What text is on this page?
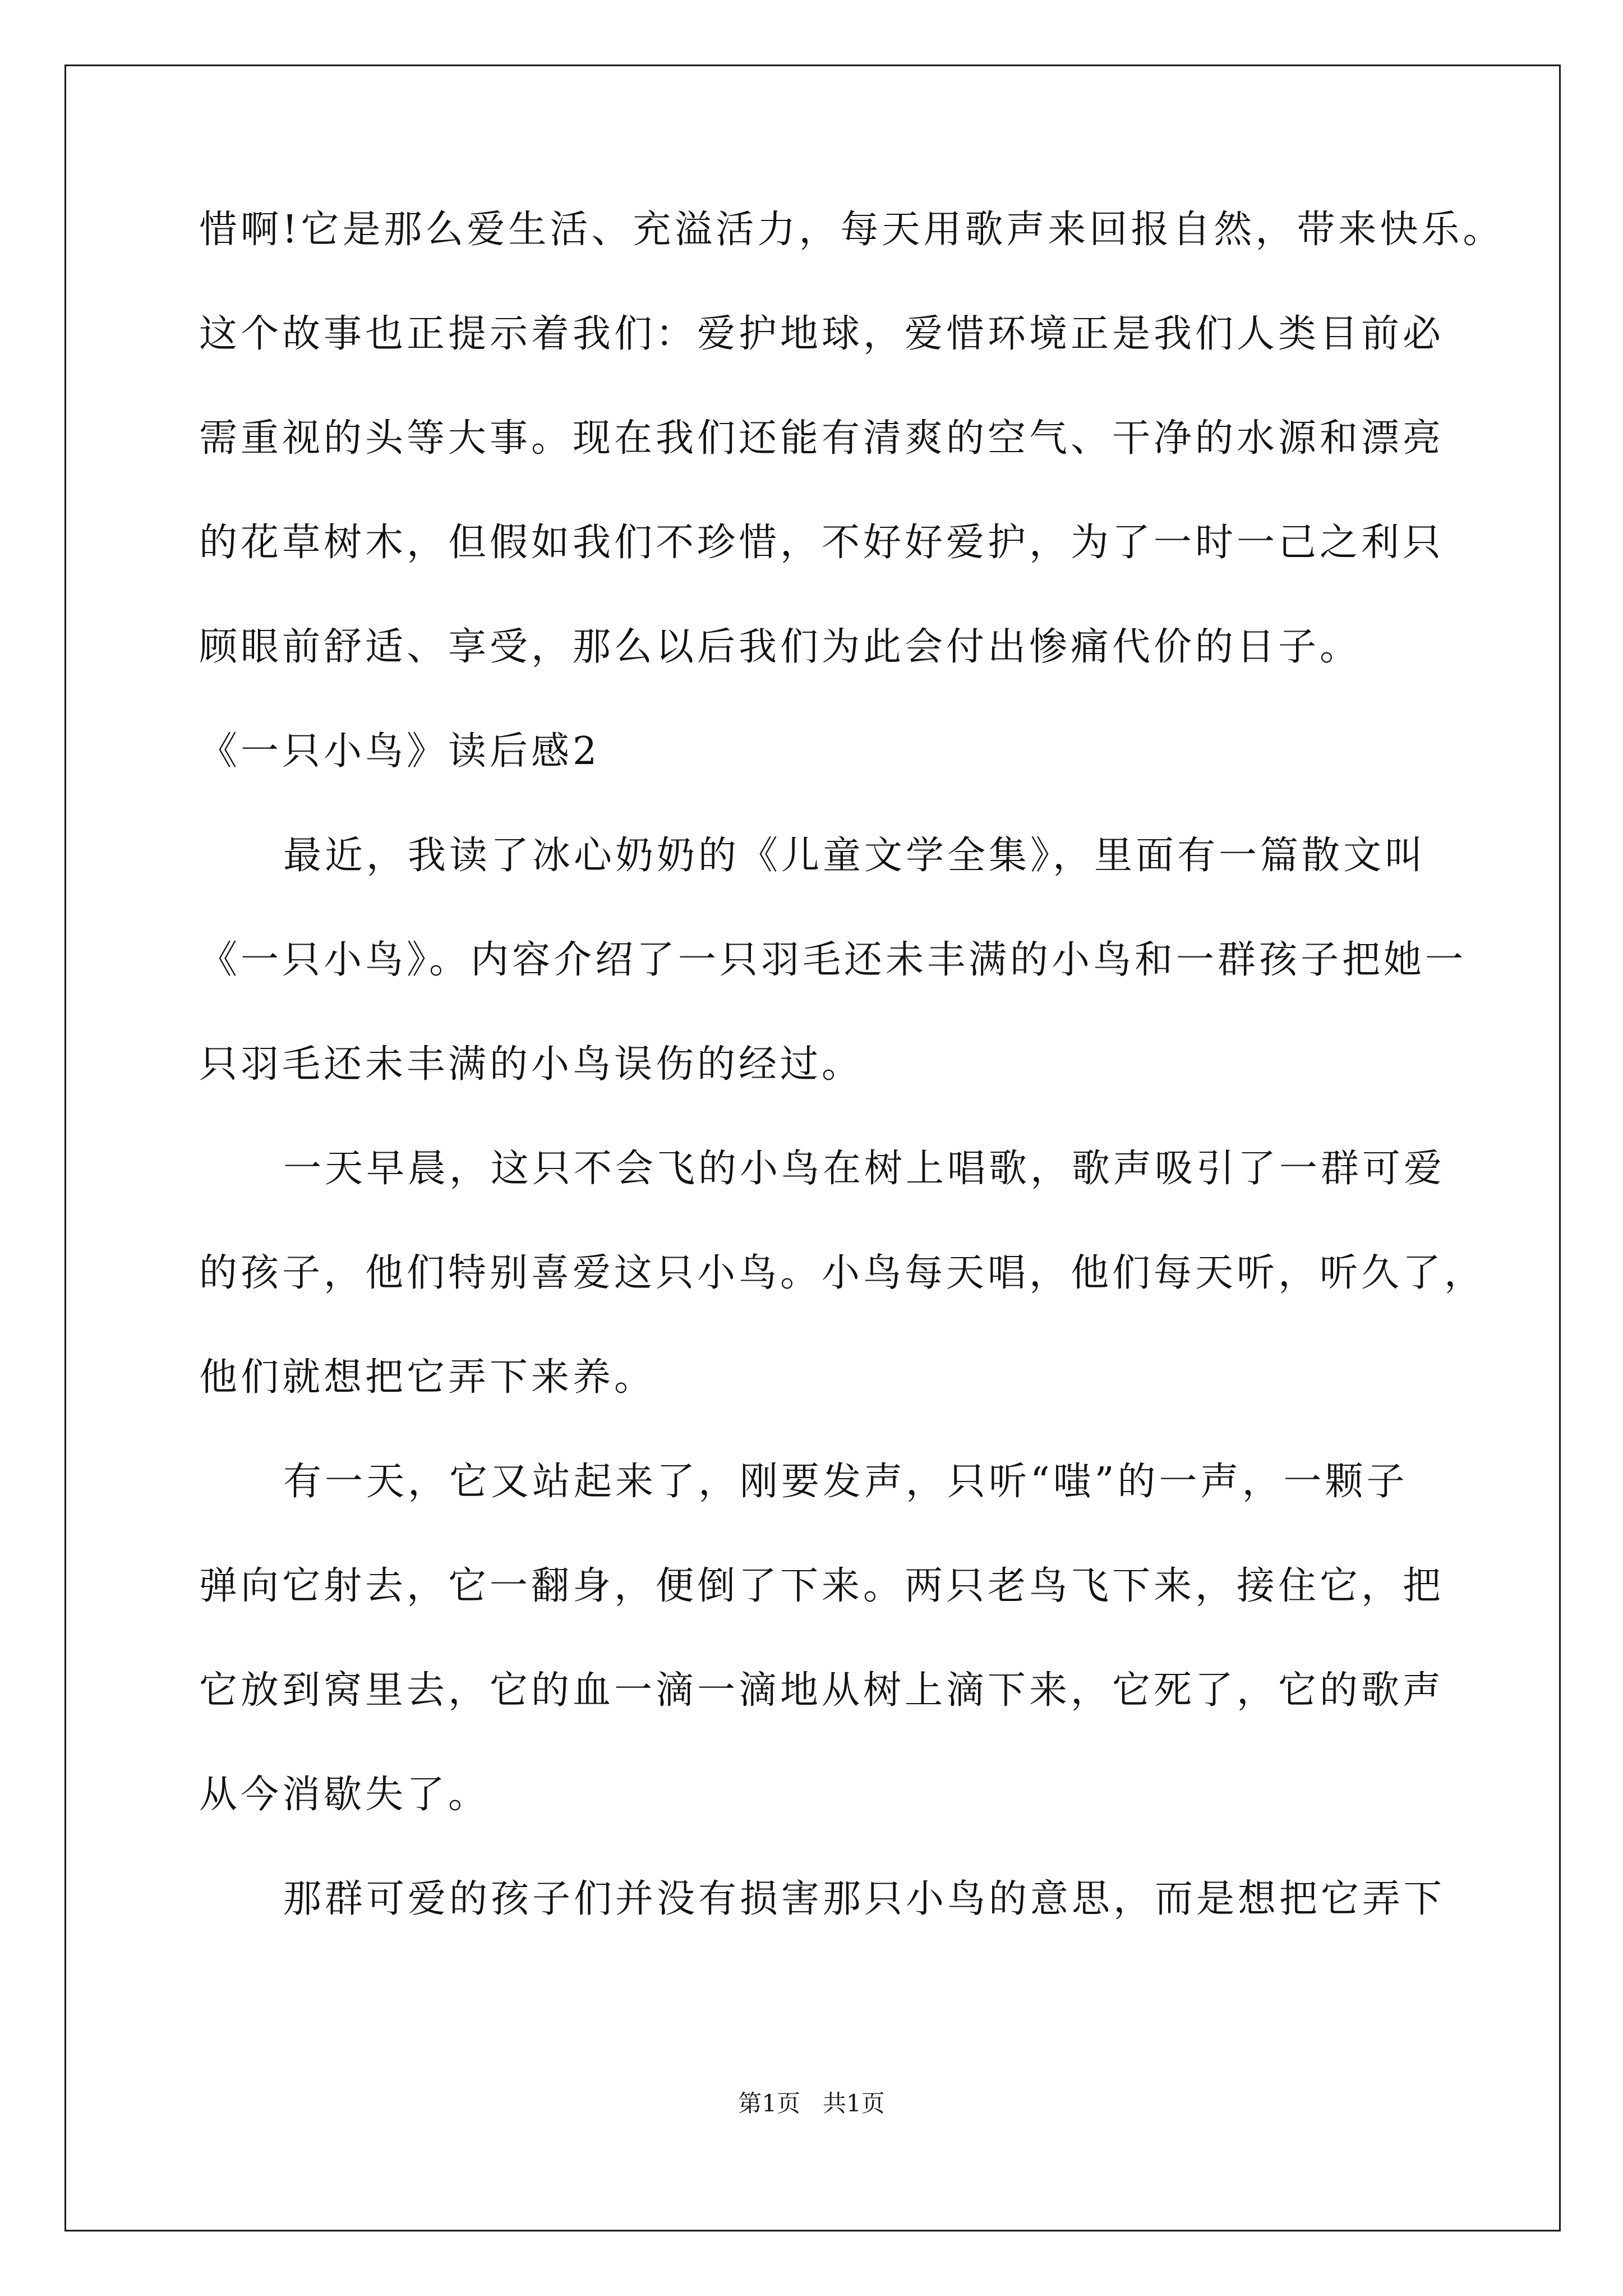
惜啊!它是那么爱生活、充溢活力，每天用歌声来回报自然，带来快乐。
这个故事也正提示着我们：爱护地球，爱惜环境正是我们人类目前必
需重视的头等大事。现在我们还能有清爽的空气、干净的水源和漂亮
的花草树木，但假如我们不珍惜，不好好爱护，为了一时一己之利只
顾眼前舒适、享受，那么以后我们为此会付出惨痛代价的日子。
《一只小鸟》读后感2
最近，我读了冰心奶奶的《儿童文学全集》，里面有一篇散文叫
《一只小鸟》。内容介绍了一只羽毛还未丰满的小鸟和一群孩子把她一
只羽毛还未丰满的小鸟误伤的经过。
一天早晨，这只不会飞的小鸟在树上唱歌，歌声吸引了一群可爱
的孩子，他们特别喜爱这只小鸟。小鸟每天唱，他们每天听，听久了，
他们就想把它弄下来养。
有一天，它又站起来了，刚要发声，只听“嗤”的一声，一颗子
弹向它射去，它一翻身，便倒了下来。两只老鸟飞下来，接住它，把
它放到窝里去，它的血一滴一滴地从树上滴下来，它死了，它的歌声
从今消歇失了。
那群可爱的孩子们并没有损害那只小鸟的意思，而是想把它弄下
第1页 共1页
